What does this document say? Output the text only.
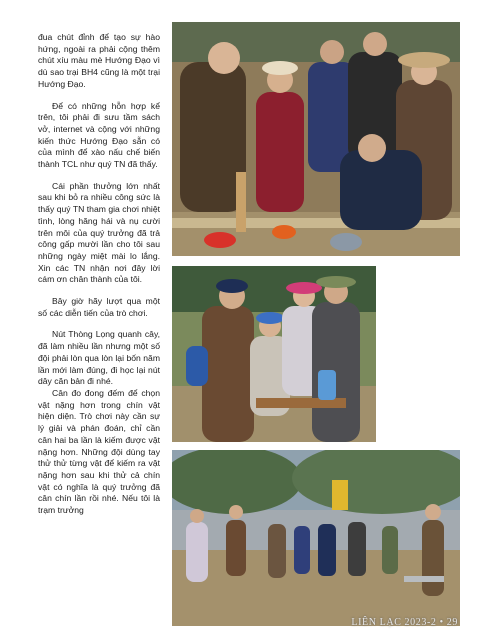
đua chút đỉnh để tạo sự hào hứng, ngoài ra phải cộng thêm chút xíu màu mè Hướng Đạo vì dù sao trại BH4 cũng là một trại Hướng Đạo.

Để có những hỗn hợp kể trên, tôi phải đi sưu tầm sách vở, internet và cộng với những kiến thức Hướng Đạo sẵn có của mình để xào nấu chế biến thành TCL như quý TN đã thấy.

Cái phần thưởng lớn nhất sau khi bỏ ra nhiều công sức là thấy quý TN tham gia chơi nhiệt tình, lòng hăng hái và nụ cười trên môi của quý trưởng đã trả công gấp mười lần cho tôi sau những ngày miệt mài lo lắng. Xin các TN nhận nơi đây lời cám ơn chân thành của tôi.

Bây giờ hãy lượt qua một số các diễn tiến của trò chơi.

Nút Thòng Lọng quanh cây, đã làm nhiều lần nhưng một số đội phải lòn qua lòn lại bốn năm lần mới làm đúng, đi học lại nút dây căn bản đi nhé.

Cân đo đong đếm để chọn vật nặng hơn trong chín vật hiện diện. Trò chơi này cần sự lý giải và phán đoán, chỉ cần cân hai ba lần là kiếm được vật nặng hơn. Những đội dùng tay thử thử từng vật để kiếm ra vật nặng hơn sau khi thử cả chín vật có nghĩa là quý trưởng đã cân chín lần rồi nhé. Nếu tôi là trạm trưởng

LIÊN LẠC 2023-2 • 29
